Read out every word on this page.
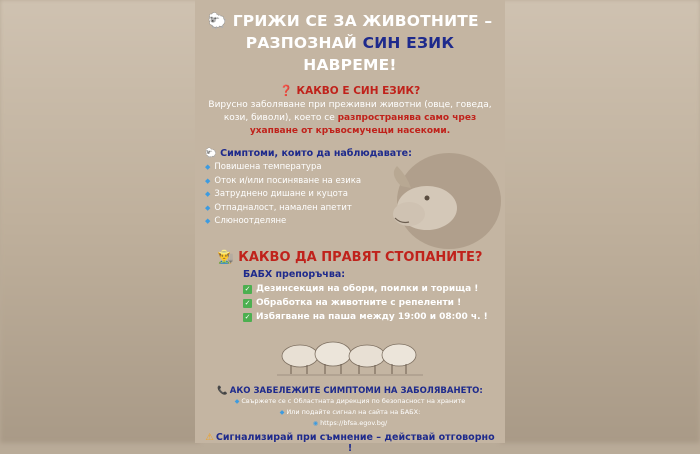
🐑 ГРИЖИ СЕ ЗА ЖИВОТНИТЕ –
РАЗПОЗНАЙ СИН ЕЗИК НАВРЕМЕ!
❓ КАКВО Е СИН ЕЗИК?
Вирусно заболяване при преживни животни (овце, говеда, кози, биволи), което се разпространява само чрез ухапване от кръвосмучещи насекоми.
🐑 Симптоми, които да наблюдавате:
◆ Повишена температура
◆ Оток и/или посиняване на езика
◆ Затруднено дишане и куцота
◆ Отпадналост, намален апетит
◆ Слюноотделяне
👨‍🌾 КАКВО ДА ПРАВЯТ СТОПАНИТЕ?
БАБХ препоръчва:
✓ Дезинсекция на обори, поилки и торища !
✓ Обработка на животните с репеленти !
✓ Избягване на паша между 19:00 и 08:00 ч. !
📞 АКО ЗАБЕЛЕЖИТЕ СИМПТОМИ НА ЗАБОЛЯВАНЕТО:
◆ Свържете се с Областната дирекция по безопасност на храните
◆ Или подайте сигнал на сайта на БАБХ:
◉ https://bfsa.egov.bg/
⚠ Сигнализирай при съмнение – действай отговорно !
